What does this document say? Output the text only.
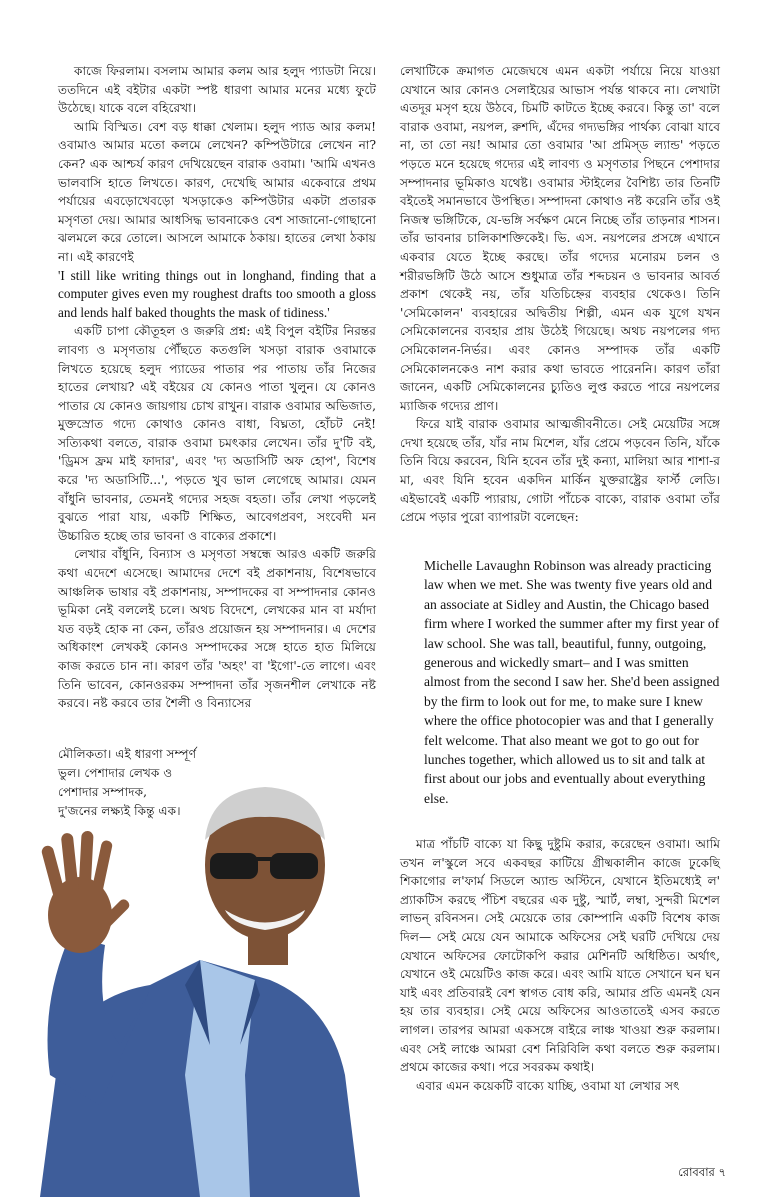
কাজে ফিরলাম। বসলাম আমার কলম আর হলুদ প্যাডটা নিয়ে। ততদিনে এই বইটার একটা স্পষ্ট ধারণা আমার মনের মধ্যে ফুটে উঠেছে। যাকে বলে বহিরেখা।

আমি বিস্মিত। বেশ বড় ধাক্কা খেলাম। হলুদ প্যাড আর কলম! ওবামাও আমার মতো কলমে লেখেন? কম্পিউটারে লেখেন না? কেন? এক আশ্চর্য কারণ দেখিয়েছেন বারাক ওবামা। 'আমি এখনও ভালবাসি হাতে লিখতে। কারণ, দেখেছি আমার একেবারে প্রথম পর্যায়ের এবড়োখেবড়ো খসড়াকেও কম্পিউটার একটা প্রতারক মসৃণতা দেয়। আমার আধসিদ্ধ ভাবনাকেও বেশ সাজানো-গোছানো ঝলমলে করে তোলে। আসলে আমাকে ঠকায়। হাতের লেখা ঠকায় না। এই কারণেই

'I still like writing things out in longhand, finding that a computer gives even my roughest drafts too smooth a gloss and lends half baked thoughts the mask of tidiness.'

একটি চাপা কৌতূহল ও জরুরি প্রশ্ন: এই বিপুল বইটির নিরন্তর লাবণ্য ও মসৃণতায় পৌঁছতে কতগুলি খসড়া বারাক ওবামাকে লিখতে হয়েছে হলুদ প্যাডের পাতার পর পাতায় তাঁর নিজের হাতের লেখায়? এই বইয়ের যে কোনও পাতা খুলুন। যে কোনও পাতার যে কোনও জায়গায় চোখ রাখুন। বারাক ওবামার অভিজাত, মুক্তস্রোত গদ্যে কোথাও কোনও বাধা, বিঘ্নতা, হোঁচট নেই! সত্যিকথা বলতে, বারাক ওবামা চমৎকার লেখেন। তাঁর দু'টি বই, 'ড্রিমস ফ্রম মাই ফাদার', এবং 'দ্য অডাসিটি অফ হোপ', বিশেষ করে 'দ্য অডাসিটি...', পড়তে খুব ভাল লেগেছে আমার। যেমন বাঁধুনি ভাবনার, তেমনই গদ্যের সহজ বহতা। তাঁর লেখা পড়লেই বুঝতে পারা যায়, একটি শিক্ষিত, আবেগপ্রবণ, সংবেদী মন উচ্চারিত হচ্ছে তার ভাবনা ও বাক্যের প্রকাশে।

লেখার বাঁধুনি, বিন্যাস ও মসৃণতা সম্বন্ধে আরও একটি জরুরি কথা এদেশে এসেছে। আমাদের দেশে বই প্রকাশনায়, বিশেষভাবে আঞ্চলিক ভাষার বই প্রকাশনায়, সম্পাদকের বা সম্পাদনার কোনও ভূমিকা নেই বললেই চলে। অথচ বিদেশে, লেখকের মান বা মর্যাদা যত বড়ই হোক না কেন, তাঁরও প্রয়োজন হয় সম্পাদনার। এ দেশের অধিকাংশ লেখকই কোনও সম্পাদকের সঙ্গে হাতে হাত মিলিয়ে কাজ করতে চান না। কারণ তাঁর 'অহং' বা 'ইগো'-তে লাগে। এবং তিনি ভাবেন, কোনওরকম সম্পাদনা তাঁর সৃজনশীল লেখাকে নষ্ট করবে। নষ্ট করবে তার শৈলী ও বিন্যাসের

মৌলিকতা। এই ধারণা সম্পূর্ণ
ভুল। পেশাদার লেখক ও
পেশাদার সম্পাদক,
দু'জনের লক্ষ্যই কিন্তু এক।

লেখাটিকে ক্রমাগত মেজেঘষে এমন একটা পর্যায়ে নিয়ে যাওয়া যেখানে আর কোনও সেলাইয়ের আভাস পর্যন্ত থাকবে না। লেখাটা এতদূর মসৃণ হয়ে উঠবে, চিমটি কাটতে ইচ্ছে করবে। কিন্তু তা' বলে বারাক ওবামা, নয়পল, রুশদি, এঁদের গদ্যভঙ্গির পার্থক্য বোঝা যাবে না, তা তো নয়! আমার তো ওবামার 'আ প্রমিস্ড ল্যান্ড' পড়তে পড়তে মনে হয়েছে গদ্যের এই লাবণ্য ও মসৃণতার পিছনে পেশাদার সম্পাদনার ভূমিকাও যথেষ্ট। ওবামার স্টাইলের বৈশিষ্ট্য তার তিনটি বইতেই সমানভাবে উপস্থিত। সম্পাদনা কোথাও নষ্ট করেনি তাঁর ওই নিজস্ব ভঙ্গিটিকে, যে-ভঙ্গি সর্বক্ষণ মেনে নিচ্ছে তাঁর তাড়নার শাসন। তাঁর ভাবনার চালিকাশক্তিকেই। ভি. এস. নয়পলের প্রসঙ্গে এখানে একবার যেতে ইচ্ছে করছে। তাঁর গদ্যের মনোরম চলন ও শরীরভঙ্গিটি উঠে আসে শুধুমাত্র তাঁর শব্দচয়ন ও ভাবনার আবর্ত প্রকাশ থেকেই নয়, তাঁর যতিচিহ্নের ব্যবহার থেকেও। তিনি 'সেমিকোলন' ব্যবহারের অদ্বিতীয় শিল্পী, এমন এক যুগে যখন সেমিকোলনের ব্যবহার প্রায় উঠেই গিয়েছে। অথচ নয়পলের গদ্য সেমিকোলন-নির্ভর। এবং কোনও সম্পাদক তাঁর একটি সেমিকোলনকেও নাশ করার কথা ভাবতে পারেননি। কারণ তাঁরা জানেন, একটি সেমিকোলনের চ্যুতিও লুপ্ত করতে পারে নয়পলের ম্যাজিক গদ্যের প্রাণ।

ফিরে যাই বারাক ওবামার আত্মজীবনীতে। সেই মেয়েটির সঙ্গে দেখা হয়েছে তাঁর, যাঁর নাম মিশেল, যাঁর প্রেমে পড়বেন তিনি, যাঁকে তিনি বিয়ে করবেন, যিনি হবেন তাঁর দুই কন্যা, মালিয়া আর শাশা-র মা, এবং যিনি হবেন একদিন মার্কিন যুক্তরাষ্ট্রের ফার্স্ট লেডি। এইভাবেই একটি প্যারায়, গোটা পাঁচেক বাক্যে, বারাক ওবামা তাঁর প্রেমে পড়ার পুরো ব্যাপারটা বলেছেন:

Michelle Lavaughn Robinson was already practicing law when we met. She was twenty five years old and an associate at Sidley and Austin, the Chicago based firm where I worked the summer after my first year of law school. She was tall, beautiful, funny, outgoing, generous and wickedly smart– and I was smitten almost from the second I saw her. She'd been assigned by the firm to look out for me, to make sure I knew where the office photocopier was and that I generally felt welcome. That also meant we got to go out for lunches together, which allowed us to sit and talk at first about our jobs and eventually about everything else.

মাত্র পাঁচটি বাক্যে যা কিছু দুষ্টুমি করার, করেছেন ওবামা। আমি তখন ল'স্কুলে সবে একবছর কাটিয়ে গ্রীষ্মকালীন কাজে ঢুকেছি শিকাগোর ল'ফার্ম সিডলে অ্যান্ড অস্টিনে, যেখানে ইতিমধ্যেই ল' প্র্যাকটিস করছে পঁচিশ বছরের এক দুষ্টু, স্মার্ট, লম্বা, সুন্দরী মিশেল লাভন্ রবিনসন। সেই মেয়েকে তার কোম্পানি একটি বিশেষ কাজ দিল— সেই মেয়ে যেন আমাকে অফিসের সেই ঘরটি দেখিয়ে দেয় যেখানে অফিসের ফোটোকপি করার মেশিনটি অধিষ্ঠিত। অর্থাৎ, যেখানে ওই মেয়েটিও কাজ করে। এবং আমি যাতে সেখানে ঘন ঘন যাই এবং প্রতিবারই বেশ স্বাগত বোধ করি, আমার প্রতি এমনই যেন হয় তার ব্যবহার। সেই মেয়ে অফিসের আওতাতেই এসব করতে লাগল। তারপর আমরা একসঙ্গে বাইরে লাঞ্চ খাওয়া শুরু করলাম। এবং সেই লাঞ্চে আমরা বেশ নিরিবিলি কথা বলতে শুরু করলাম। প্রথমে কাজের কথা। পরে সবরকম কথাই।

এবার এমন কয়েকটি বাক্যে যাচ্ছি, ওবামা যা লেখার সৎ

রোববার ৭
